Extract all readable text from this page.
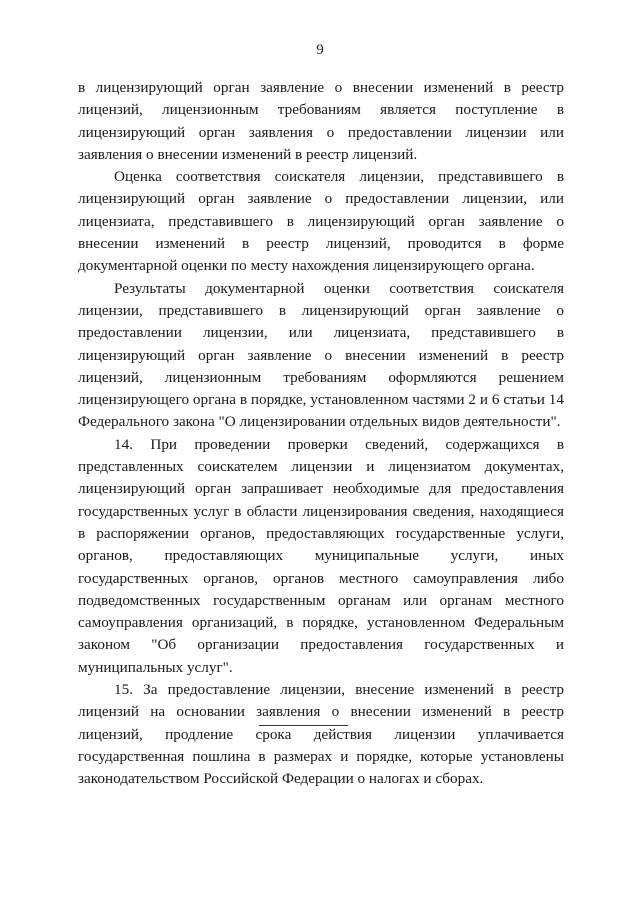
9

в лицензирующий орган заявление о внесении изменений в реестр лицензий, лицензионным требованиям является поступление в лицензирующий орган заявления о предоставлении лицензии или заявления о внесении изменений в реестр лицензий.

Оценка соответствия соискателя лицензии, представившего в лицензирующий орган заявление о предоставлении лицензии, или лицензиата, представившего в лицензирующий орган заявление о внесении изменений в реестр лицензий, проводится в форме документарной оценки по месту нахождения лицензирующего органа.

Результаты документарной оценки соответствия соискателя лицензии, представившего в лицензирующий орган заявление о предоставлении лицензии, или лицензиата, представившего в лицензирующий орган заявление о внесении изменений в реестр лицензий, лицензионным требованиям оформляются решением лицензирующего органа в порядке, установленном частями 2 и 6 статьи 14 Федерального закона "О лицензировании отдельных видов деятельности".

14. При проведении проверки сведений, содержащихся в представленных соискателем лицензии и лицензиатом документах, лицензирующий орган запрашивает необходимые для предоставления государственных услуг в области лицензирования сведения, находящиеся в распоряжении органов, предоставляющих государственные услуги, органов, предоставляющих муниципальные услуги, иных государственных органов, органов местного самоуправления либо подведомственных государственным органам или органам местного самоуправления организаций, в порядке, установленном Федеральным законом "Об организации предоставления государственных и муниципальных услуг".

15. За предоставление лицензии, внесение изменений в реестр лицензий на основании заявления о внесении изменений в реестр лицензий, продление срока действия лицензии уплачивается государственная пошлина в размерах и порядке, которые установлены законодательством Российской Федерации о налогах и сборах.
